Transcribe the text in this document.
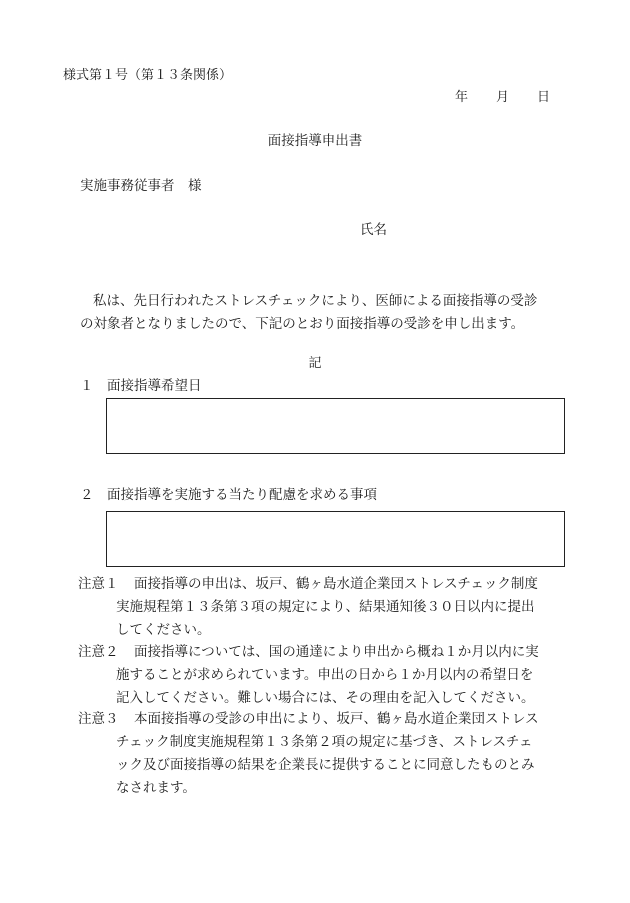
様式第１号（第１３条関係）
年 月 日
面接指導申出書
実施事務従事者　様
氏名

私は、先日行われたストレスチェックにより、医師による面接指導の受診

の対象者となりましたので、下記のとおり面接指導の受診を申し出ます。

記
１ 面接指導希望日
２ 面接指導を実施する当たり配慮を求める事項
注意１ 面接指導の申出は、坂戸、鶴ヶ島水道企業団ストレスチェック制度
実施規程第１３条第３項の規定により、結果通知後３０日以内に提出
してください。
注意２ 面接指導については、国の通達により申出から概ね１か月以内に実
施することが求められています。申出の日から１か月以内の希望日を
記入してください。難しい場合には、その理由を記入してください。
注意３ 本面接指導の受診の申出により、坂戸、鶴ヶ島水道企業団ストレス
チェック制度実施規程第１３条第２項の規定に基づき、ストレスチェ
ック及び面接指導の結果を企業長に提供することに同意したものとみ
なされます。
